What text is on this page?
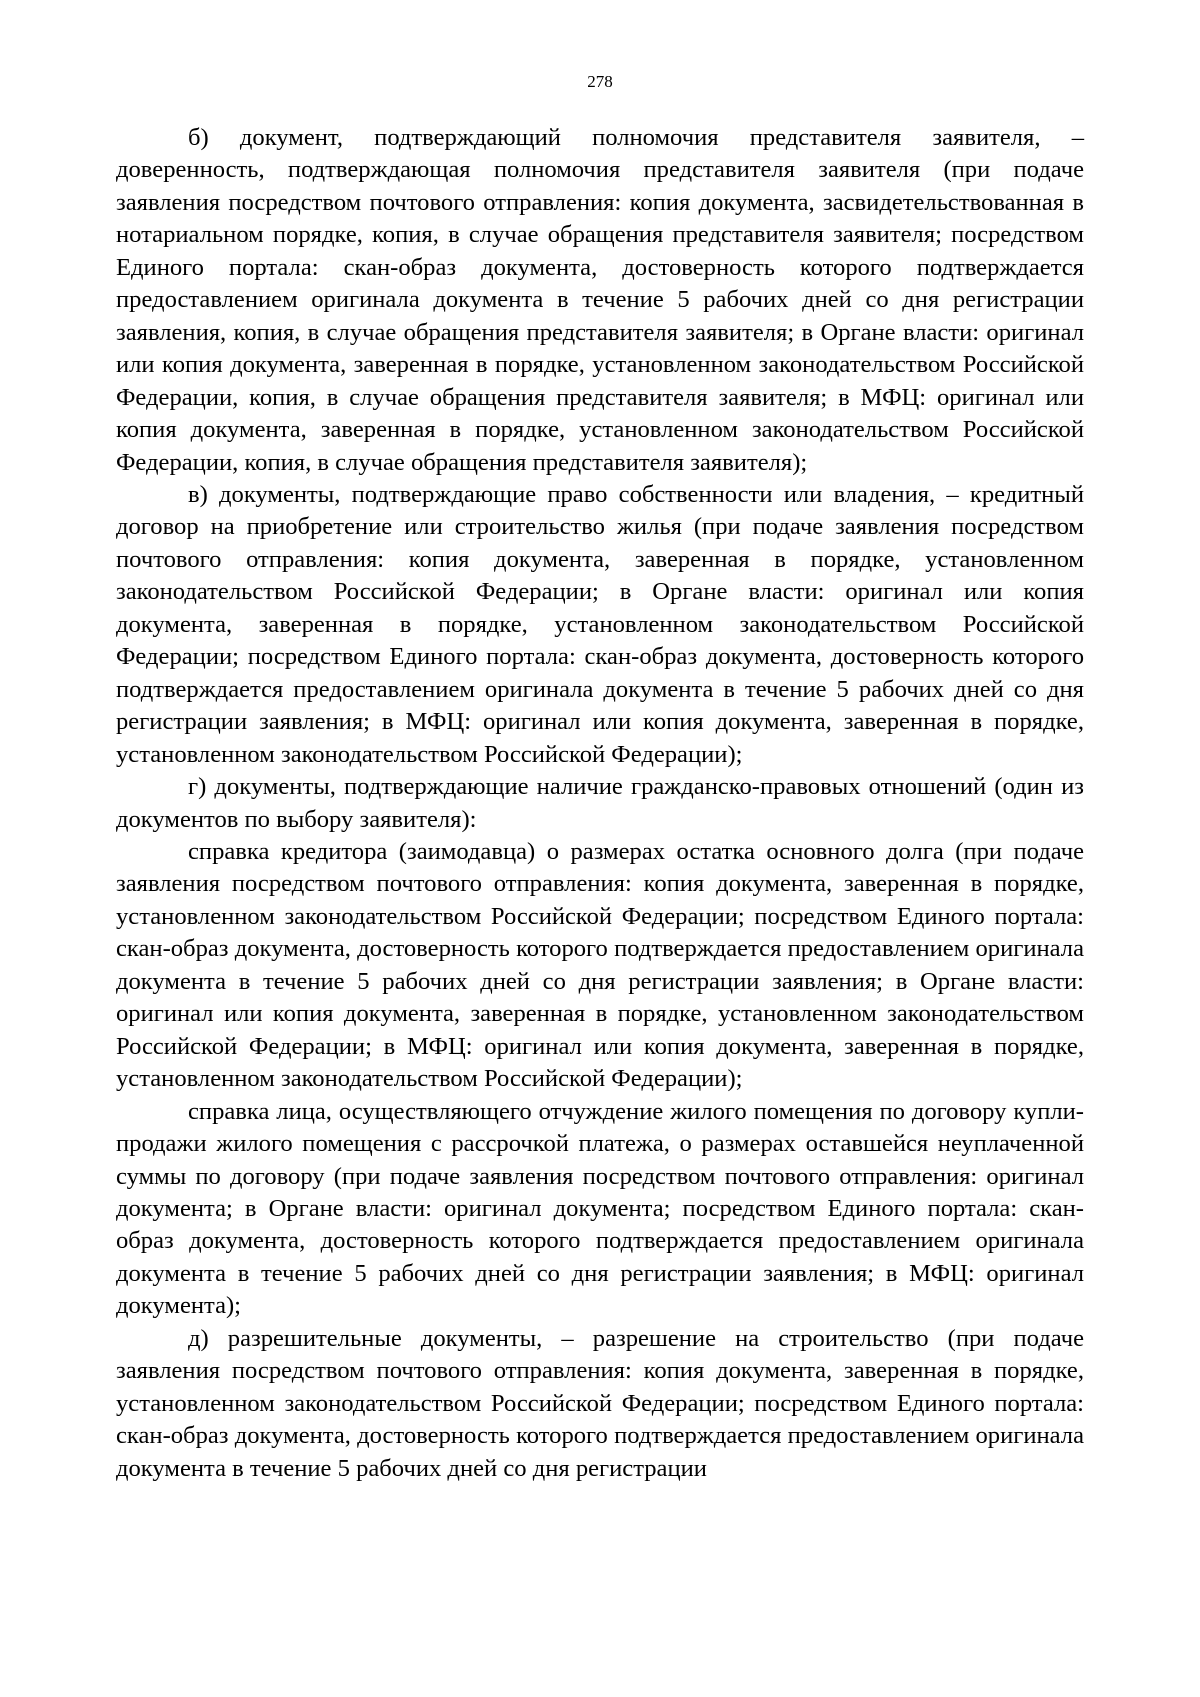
278

б) документ, подтверждающий полномочия представителя заявителя, – доверенность, подтверждающая полномочия представителя заявителя (при подаче заявления посредством почтового отправления: копия документа, засвидетельствованная в нотариальном порядке, копия, в случае обращения представителя заявителя; посредством Единого портала: скан-образ документа, достоверность которого подтверждается предоставлением оригинала документа в течение 5 рабочих дней со дня регистрации заявления, копия, в случае обращения представителя заявителя; в Органе власти: оригинал или копия документа, заверенная в порядке, установленном законодательством Российской Федерации, копия, в случае обращения представителя заявителя; в МФЦ: оригинал или копия документа, заверенная в порядке, установленном законодательством Российской Федерации, копия, в случае обращения представителя заявителя);

в) документы, подтверждающие право собственности или владения, – кредитный договор на приобретение или строительство жилья (при подаче заявления посредством почтового отправления: копия документа, заверенная в порядке, установленном законодательством Российской Федерации; в Органе власти: оригинал или копия документа, заверенная в порядке, установленном законодательством Российской Федерации; посредством Единого портала: скан-образ документа, достоверность которого подтверждается предоставлением оригинала документа в течение 5 рабочих дней со дня регистрации заявления; в МФЦ: оригинал или копия документа, заверенная в порядке, установленном законодательством Российской Федерации);

г) документы, подтверждающие наличие гражданско-правовых отношений (один из документов по выбору заявителя):

справка кредитора (заимодавца) о размерах остатка основного долга (при подаче заявления посредством почтового отправления: копия документа, заверенная в порядке, установленном законодательством Российской Федерации; посредством Единого портала: скан-образ документа, достоверность которого подтверждается предоставлением оригинала документа в течение 5 рабочих дней со дня регистрации заявления; в Органе власти: оригинал или копия документа, заверенная в порядке, установленном законодательством Российской Федерации; в МФЦ: оригинал или копия документа, заверенная в порядке, установленном законодательством Российской Федерации);

справка лица, осуществляющего отчуждение жилого помещения по договору купли-продажи жилого помещения с рассрочкой платежа, о размерах оставшейся неуплаченной суммы по договору (при подаче заявления посредством почтового отправления: оригинал документа; в Органе власти: оригинал документа; посредством Единого портала: скан-образ документа, достоверность которого подтверждается предоставлением оригинала документа в течение 5 рабочих дней со дня регистрации заявления; в МФЦ: оригинал документа);

д) разрешительные документы, – разрешение на строительство (при подаче заявления посредством почтового отправления: копия документа, заверенная в порядке, установленном законодательством Российской Федерации; посредством Единого портала: скан-образ документа, достоверность которого подтверждается предоставлением оригинала документа в течение 5 рабочих дней со дня регистрации
